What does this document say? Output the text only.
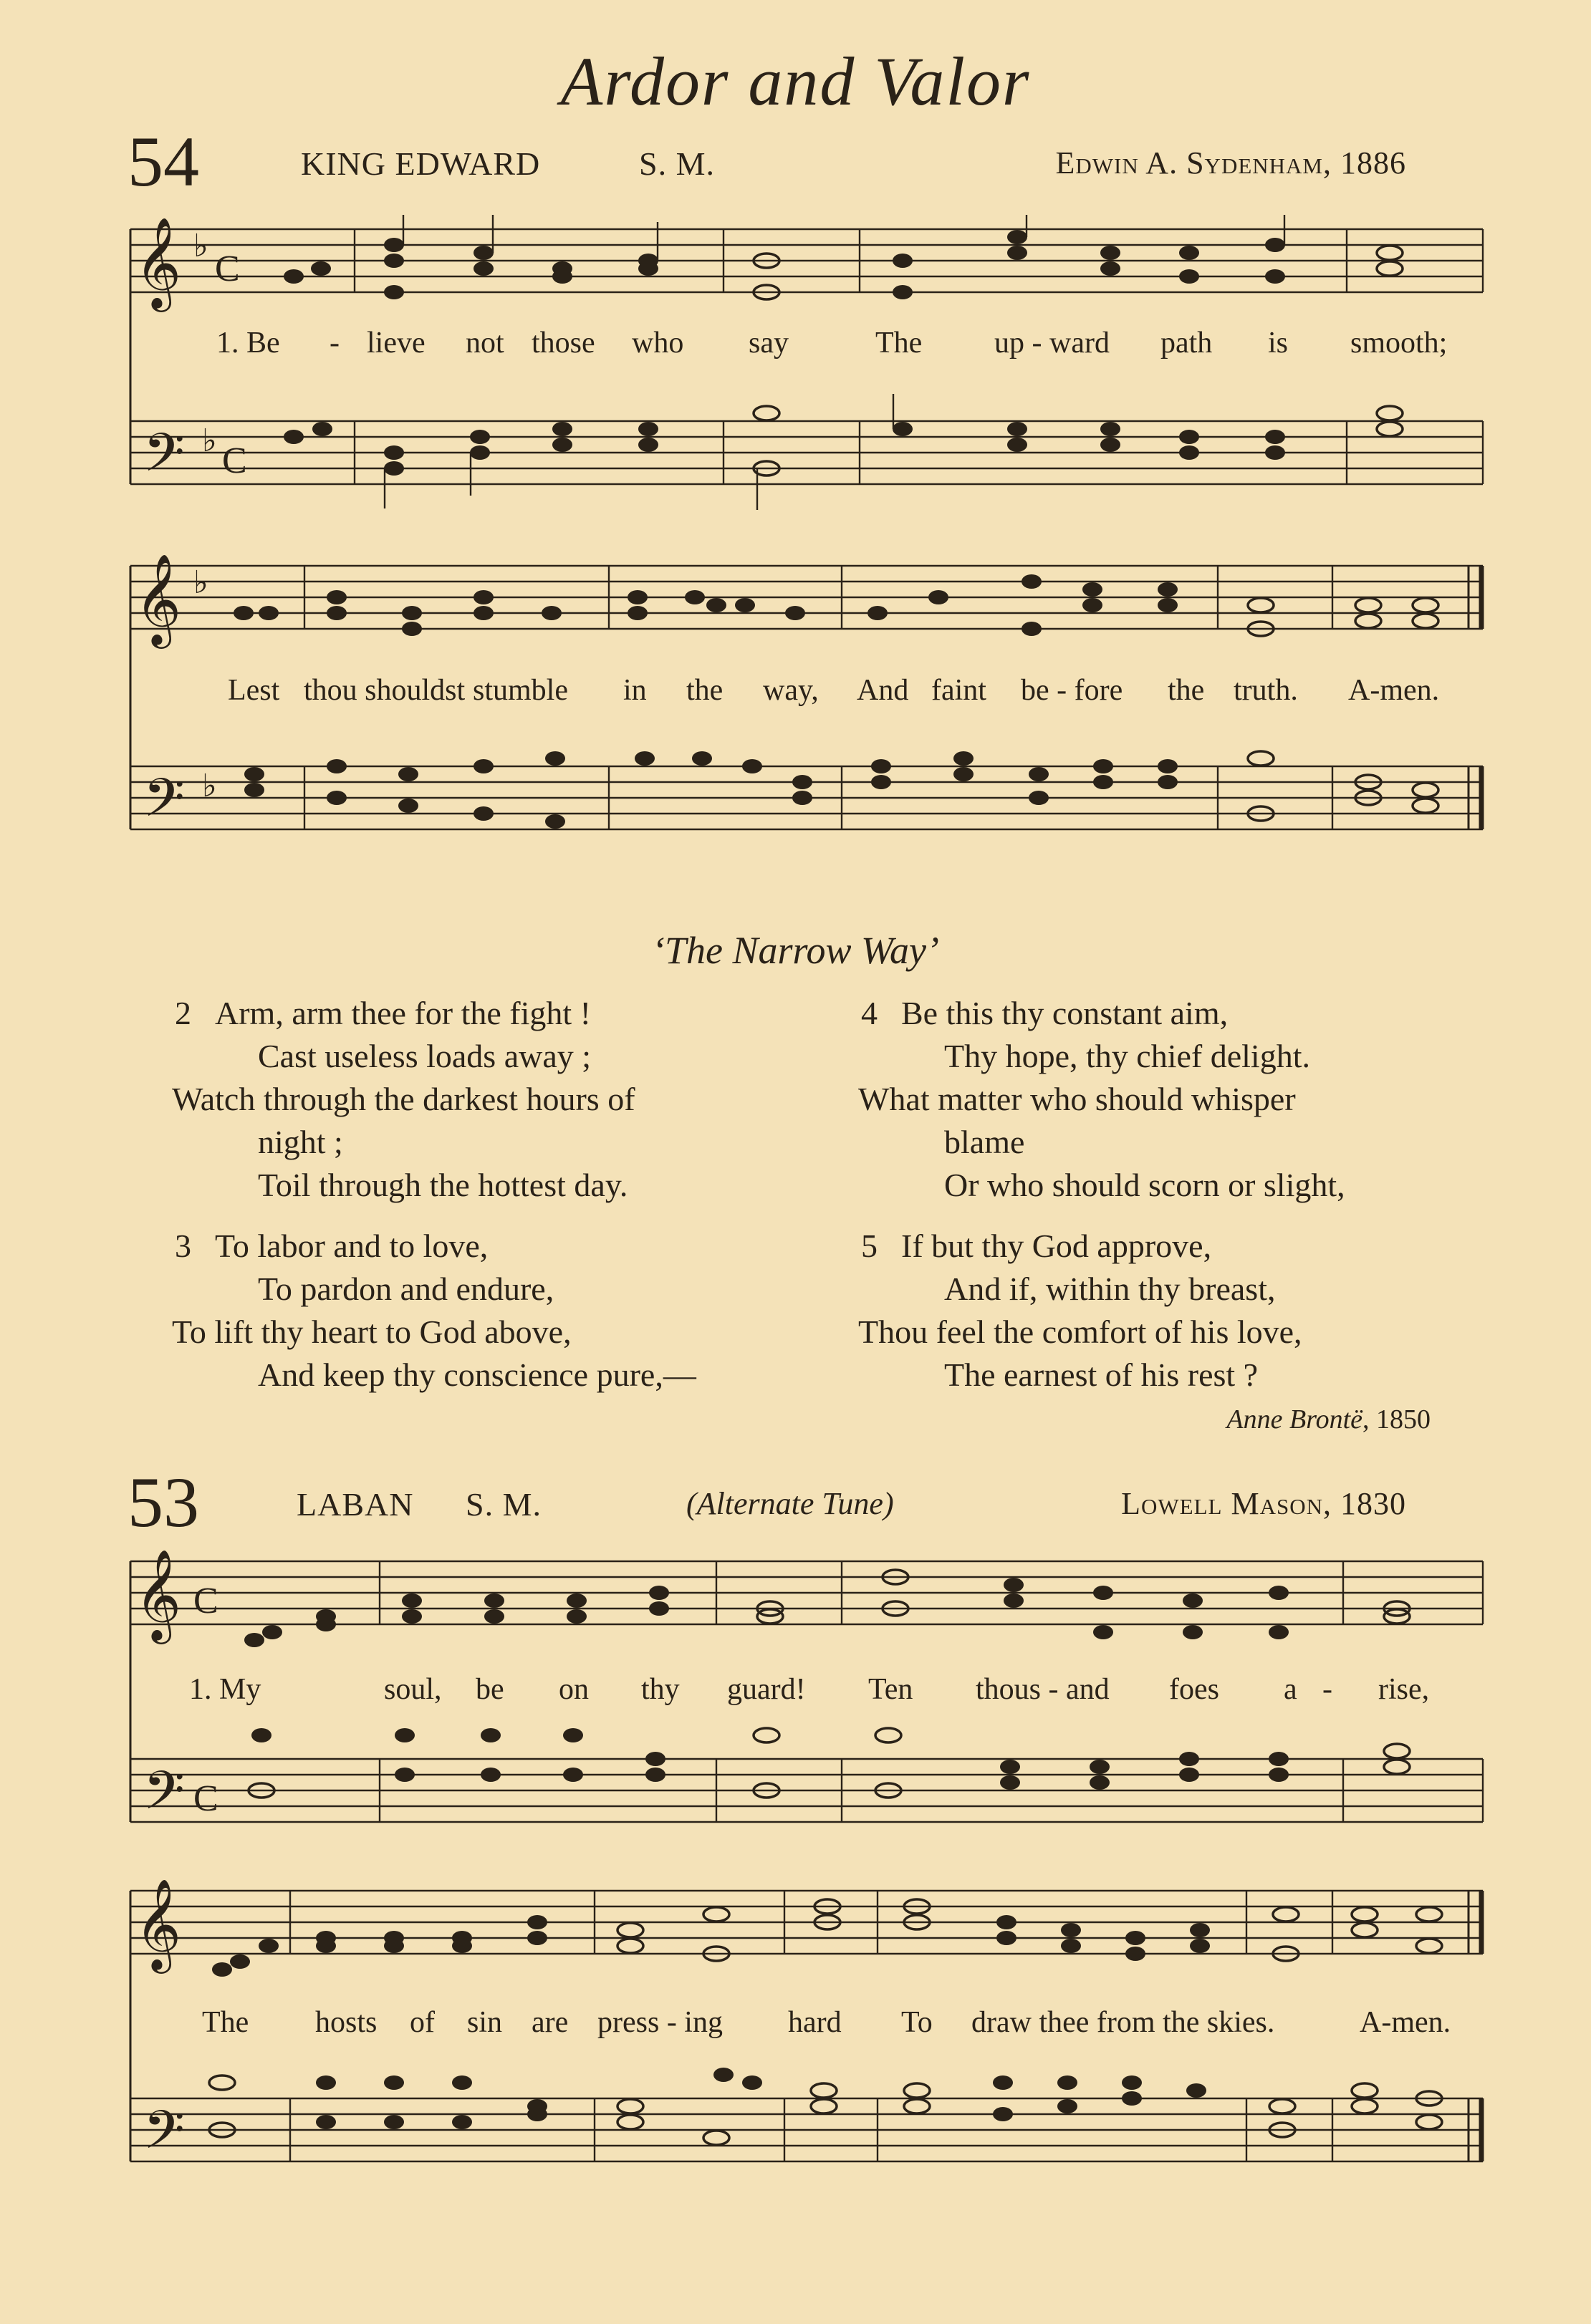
Ardor and Valor
54	KING EDWARD	S. M.	Edwin A. Sydenham, 1886
𝄞
𝄢
♭
♭
C
C
1. Be - lieve not those who say	The up - ward path is smooth;
𝄞
𝄢
♭
♭
Lest thou shouldst stumble in the way, And faint be - fore the truth. A-men.
‘The Narrow Way’
2 Arm, arm thee for the fight !
Cast useless loads away ;
Watch through the darkest hours of
night ;
Toil through the hottest day.
3 To labor and to love,
To pardon and endure,
To lift thy heart to God above,
And keep thy conscience pure,—
4 Be this thy constant aim,
Thy hope, thy chief delight.
What matter who should whisper
blame
Or who should scorn or slight,
5 If but thy God approve,
And if, within thy breast,
Thou feel the comfort of his love,
The earnest of his rest ?
Anne Brontë, 1850
53	LABAN S. M.	(Alternate Tune)	Lowell Mason, 1830
𝄞
𝄢
C
C
1. My	soul, be on thy guard! Ten thous - and foes a - rise,
𝄞
𝄢
The hosts of sin are press - ing hard To draw thee from the skies.	A-men.
